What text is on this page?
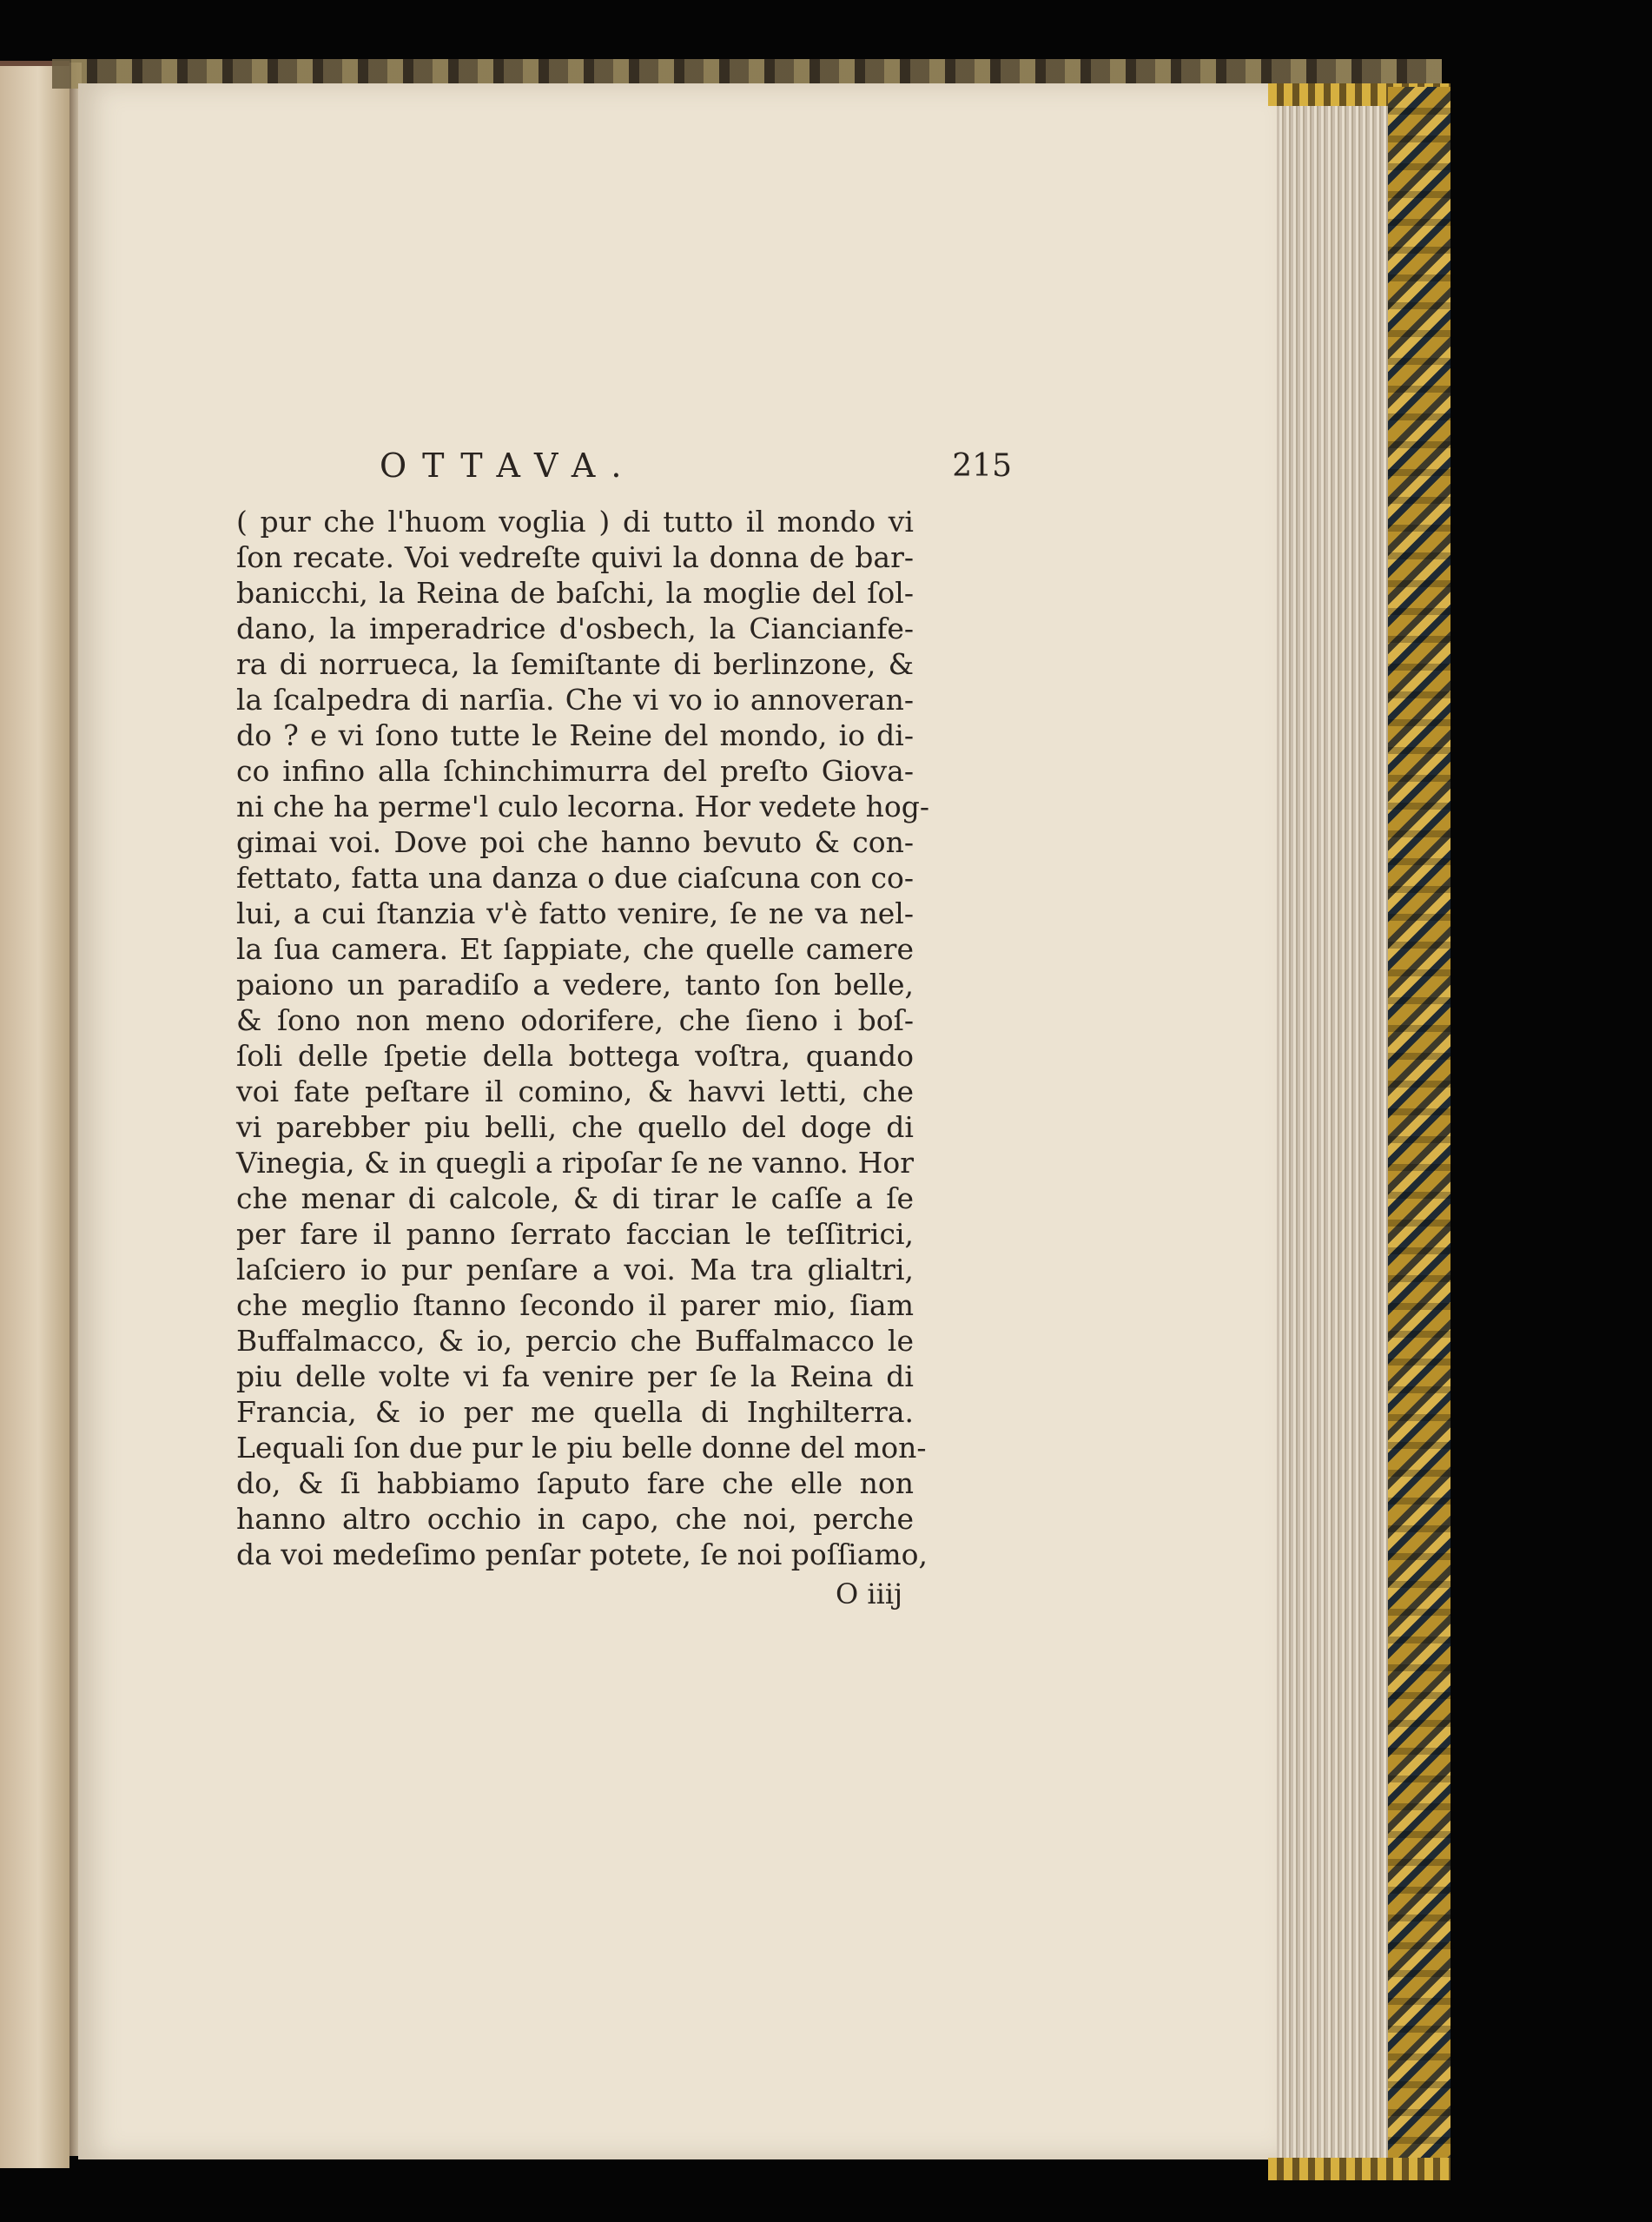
OTTAVA.	215
( pur che l'huom voglia ) di tutto il mondo vi
ſon recate. Voi vedreſte quivi la donna de bar-
banicchi, la Reina de baſchi, la moglie del ſol-
dano, la imperadrice d'osbech, la Ciancianfe-
ra di norrueca, la ſemiſtante di berlinzone, &
la ſcalpedra di narſia. Che vi vo io annoveran-
do ? e vi ſono tutte le Reine del mondo, io di-
co infino alla ſchinchimurra del preſto Giova-
ni che ha perme'l culo lecorna. Hor vedete hog-
gimai voi. Dove poi che hanno bevuto & con-
fettato, fatta una danza o due ciaſcuna con co-
lui, a cui ſtanzia v'è fatto venire, ſe ne va nel-
la ſua camera. Et ſappiate, che quelle camere
paiono un paradiſo a vedere, tanto ſon belle,
& ſono non meno odorifere, che ſieno i boſ-
ſoli delle ſpetie della bottega voſtra, quando
voi fate peſtare il comino, & havvi letti, che
vi parebber piu belli, che quello del doge di
Vinegia, & in quegli a ripoſar ſe ne vanno. Hor
che menar di calcole, & di tirar le caſſe a ſe
per fare il panno ſerrato faccian le teſſitrici,
laſciero io pur penſare a voi. Ma tra glialtri,
che meglio ſtanno ſecondo il parer mio, ſiam
Buffalmacco, & io, percio che Buffalmacco le
piu delle volte vi fa venire per ſe la Reina di
Francia, & io per me quella di Inghilterra.
Lequali ſon due pur le piu belle donne del mon-
do, & ſi habbiamo ſaputo fare che elle non
hanno altro occhio in capo, che noi, perche
da voi medeſimo penſar potete, ſe noi poſſiamo,
O iiij
